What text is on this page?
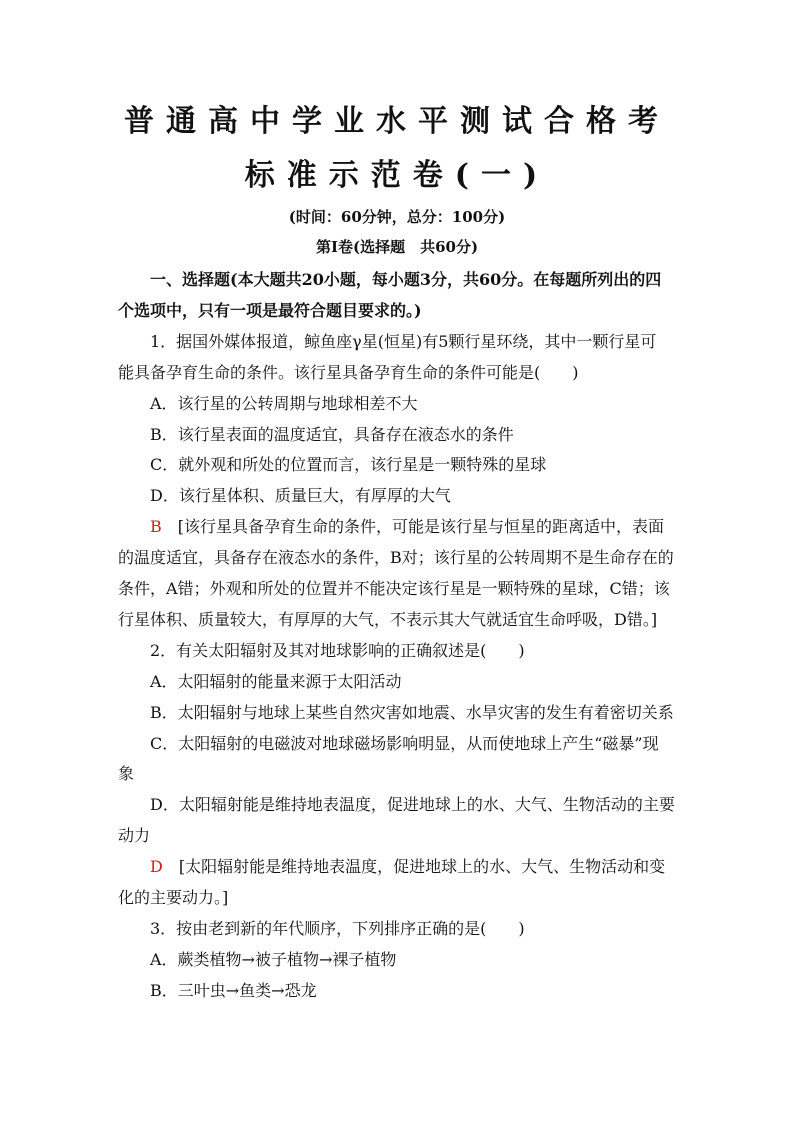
普通高中学业水平测试合格考
标准示范卷(一)
(时间：60分钟，总分：100分)
第Ⅰ卷(选择题　共60分)
一、选择题(本大题共20小题，每小题3分，共60分。在每题所列出的四
个选项中，只有一项是最符合题目要求的。)
1．据国外媒体报道，鲸鱼座γ星(恒星)有5颗行星环绕，其中一颗行星可
能具备孕育生命的条件。该行星具备孕育生命的条件可能是(　　)
A．该行星的公转周期与地球相差不大
B．该行星表面的温度适宜，具备存在液态水的条件
C．就外观和所处的位置而言，该行星是一颗特殊的星球
D．该行星体积、质量巨大，有厚厚的大气
B　[该行星具备孕育生命的条件，可能是该行星与恒星的距离适中，表面
的温度适宜，具备存在液态水的条件，B对；该行星的公转周期不是生命存在的
条件，A错；外观和所处的位置并不能决定该行星是一颗特殊的星球，C错；该
行星体积、质量较大，有厚厚的大气，不表示其大气就适宜生命呼吸，D错。]
2．有关太阳辐射及其对地球影响的正确叙述是(　　)
A．太阳辐射的能量来源于太阳活动
B．太阳辐射与地球上某些自然灾害如地震、水旱灾害的发生有着密切关系
C．太阳辐射的电磁波对地球磁场影响明显，从而使地球上产生“磁暴”现
象
D．太阳辐射能是维持地表温度，促进地球上的水、大气、生物活动的主要
动力
D　[太阳辐射能是维持地表温度，促进地球上的水、大气、生物活动和变
化的主要动力。]
3．按由老到新的年代顺序，下列排序正确的是(　　)
A．蕨类植物→被子植物→裸子植物
B．三叶虫→鱼类→恐龙
